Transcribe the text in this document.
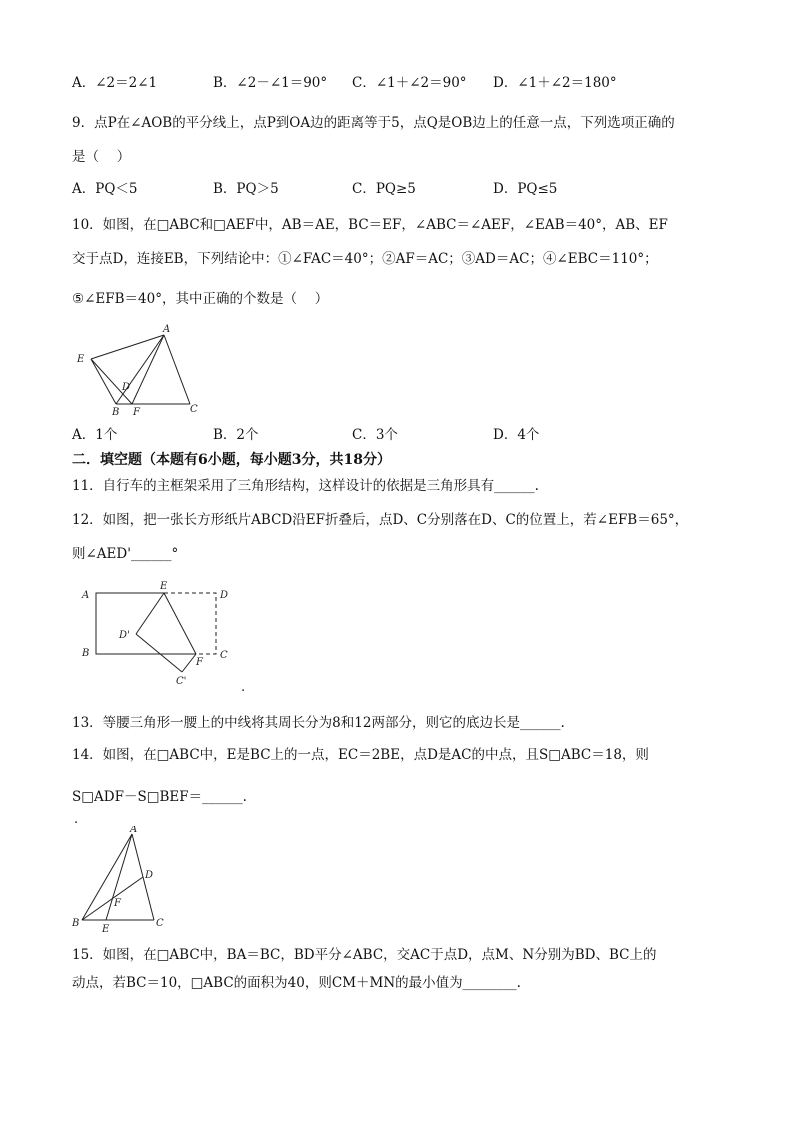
A．∠2＝2∠1	B．∠2－∠1＝90° C．∠1＋∠2＝90° D．∠1＋∠2＝180°
9．点P在∠AOB的平分线上，点P到OA边的距离等于5，点Q是OB边上的任意一点，下列选项正确的
是（　 ）
A．PQ＜5	B．PQ＞5	C．PQ≥5	D．PQ≤5
10．如图，在□ABC和□AEF中，AB＝AE，BC＝EF，∠ABC＝∠AEF，∠EAB＝40°，AB、EF
交于点D，连接EB，下列结论中：①∠FAC＝40°；②AF＝AC；③AD＝AC；④∠EBC＝110°；
⑤∠EFB＝40°，其中正确的个数是（　 ）
A
E
D
B F	C
A．1个	B．2个	C．3个	D．4个
二．填空题（本题有6小题，每小题3分，共18分）
11．自行车的主框架采用了三角形结构，这样设计的依据是三角形具有______.
12．如图，把一张长方形纸片ABCD沿EF折叠后，点D、C分别落在D、C的位置上，若∠EFB＝65°，
则∠AED'______°
A
E
D
D'
B
F
C
C'	.
13．等腰三角形一腰上的中线将其周长分为8和12两部分，则它的底边长是______.
14．如图，在□ABC中，E是BC上的一点，EC＝2BE，点D是AC的中点，且S□ABC＝18，则
S□ADF－S□BEF＝______.
.
A
D
F
B
E
C
15．如图，在□ABC中，BA＝BC，BD平分∠ABC，交AC于点D，点M、N分别为BD、BC上的
动点，若BC＝10，□ABC的面积为40，则CM＋MN的最小值为________.
